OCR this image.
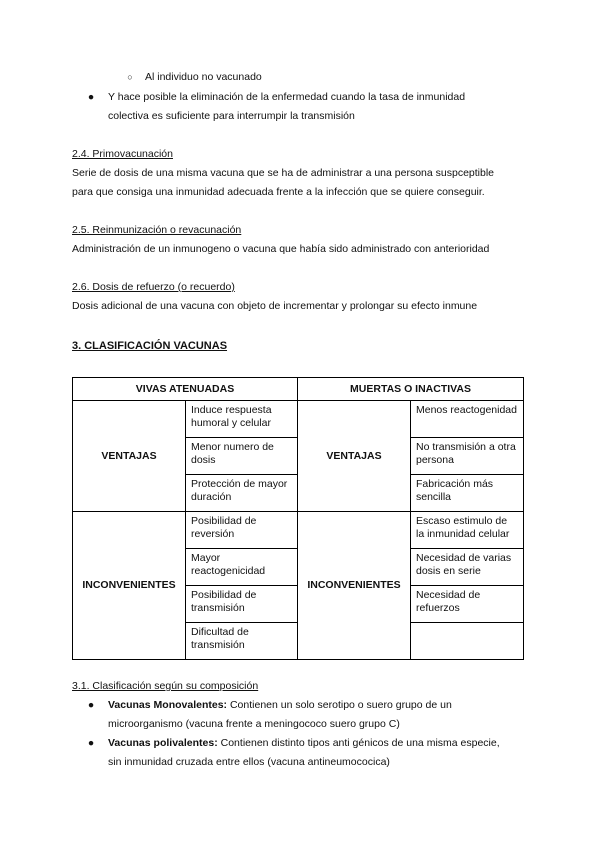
○ Al individuo no vacunado
● Y hace posible la eliminación de la enfermedad cuando la tasa de inmunidad
colectiva es suficiente para interrumpir la transmisión
2.4. Primovacunación
Serie de dosis de una misma vacuna que se ha de administrar a una persona suspceptible
para que consiga una inmunidad adecuada frente a la infección que se quiere conseguir.
2.5. Reinmunización o revacunación
Administración de un inmunogeno o vacuna que había sido administrado con anterioridad
2.6. Dosis de refuerzo (o recuerdo)
Dosis adicional de una vacuna con objeto de incrementar y prolongar su efecto inmune
3. CLASIFICACIÓN VACUNAS
VIVAS ATENUADAS		MUERTAS O INACTIVAS	
VENTAJAS	Induce respuesta humoral y celular	VENTAJAS	Menos reactogenidad
	Menor numero de dosis		No transmisión a otra persona
	Protección de mayor duración		Fabricación más sencilla
INCONVENIENTES	Posibilidad de reversión	INCONVENIENTES	Escaso estimulo de la inmunidad celular
	Mayor reactogenicidad		Necesidad de varias dosis en serie
	Posibilidad de transmisión		Necesidad de refuerzos
	Dificultad de transmisión		
3.1. Clasificación según su composición
● Vacunas Monovalentes: Contienen un solo serotipo o suero grupo de un
microorganismo (vacuna frente a meningococo suero grupo C)
● Vacunas polivalentes: Contienen distinto tipos anti génicos de una misma especie,
sin inmunidad cruzada entre ellos (vacuna antineumococica)
